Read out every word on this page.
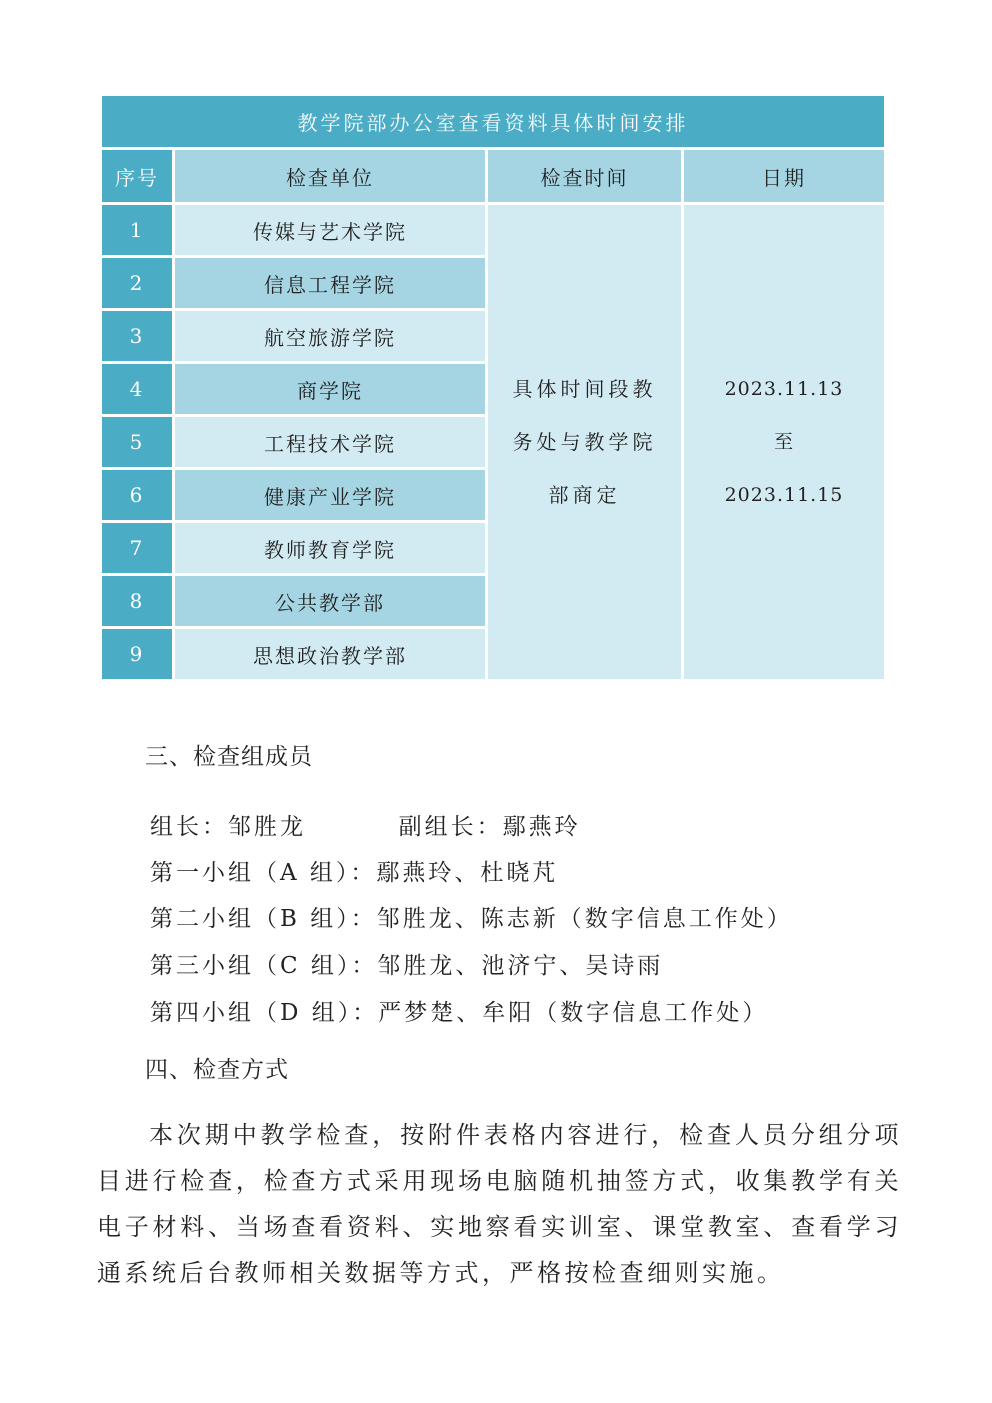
教学院部办公室查看资料具体时间安排			
序号	检查单位	检查时间	日期
1	传媒与艺术学院	具体时间段教务处与教学院部商定	2023.11.13
至
2023.11.15

2	信息工程学院		
3	航空旅游学院		
4	商学院		
5	工程技术学院		
6	健康产业学院		
7	教师教育学院		
8	公共教学部		
9	思想政治教学部		
三、检查组成员
组长：邹胜龙	副组长：鄢燕玲
第一小组（A 组）：鄢燕玲、杜晓芃
第二小组（B 组）：邹胜龙、陈志新（数字信息工作处）
第三小组（C 组）：邹胜龙、池济宁、吴诗雨
第四小组（D 组）：严梦楚、牟阳（数字信息工作处）
四、检查方式
本次期中教学检查，按附件表格内容进行，检查人员分组分项目进行检查，检查方式采用现场电脑随机抽签方式，收集教学有关电子材料、当场查看资料、实地察看实训室、课堂教室、查看学习通系统后台教师相关数据等方式，严格按检查细则实施。
